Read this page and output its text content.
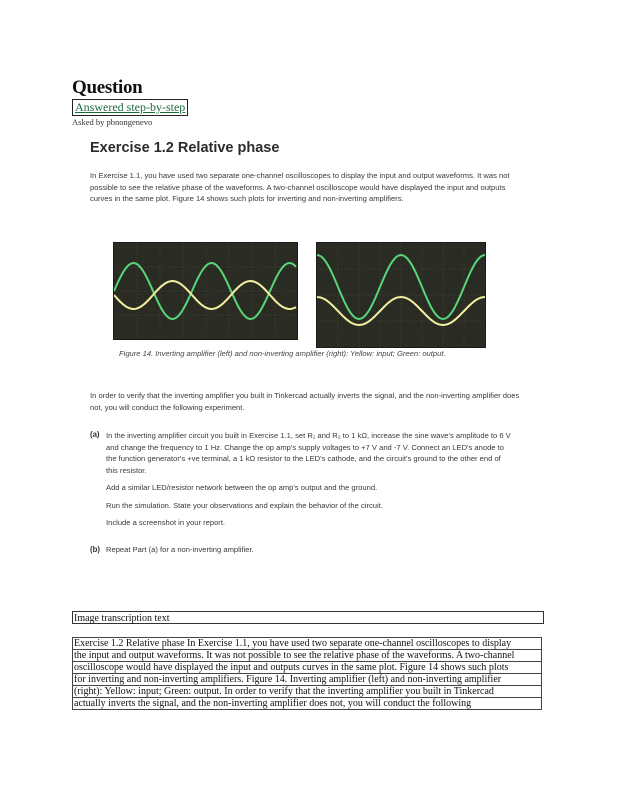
Question
Answered step-by-step
Asked by pbnongenevo
Exercise 1.2 Relative phase
In Exercise 1.1, you have used two separate one-channel oscilloscopes to display the input and output waveforms. It was not possible to see the relative phase of the waveforms. A two-channel oscilloscope would have displayed the input and outputs curves in the same plot. Figure 14 shows such plots for inverting and non-inverting amplifiers.
Figure 14. Inverting amplifier (left) and non-inverting amplifier (right): Yellow: input; Green: output.
In order to verify that the inverting amplifier you built in Tinkercad actually inverts the signal, and the non-inverting amplifier does not, you will conduct the following experiment.
(a) In the inverting amplifier circuit you built in Exercise 1.1, set R₁ and R₂ to 1 kΩ, increase the sine wave's amplitude to 6 V and change the frequency to 1 Hz. Change the op amp's supply voltages to +7 V and -7 V. Connect an LED's anode to the function generator's +ve terminal, a 1 kΩ resistor to the LED's cathode, and the circuit's ground to the other end of this resistor.
Add a similar LED/resistor network between the op amp's output and the ground.
Run the simulation. State your observations and explain the behavior of the circuit.
Include a screenshot in your report.
(b) Repeat Part (a) for a non-inverting amplifier.
Image transcription text
Exercise 1.2 Relative phase In Exercise 1.1, you have used two separate one-channel oscilloscopes to display
the input and output waveforms. It was not possible to see the relative phase of the waveforms. A two-channel
oscilloscope would have displayed the input and outputs curves in the same plot. Figure 14 shows such plots
for inverting and non-inverting amplifiers. Figure 14. Inverting amplifier (left) and non-inverting amplifier
(right): Yellow: input; Green: output. In order to verify that the inverting amplifier you built in Tinkercad
actually inverts the signal, and the non-inverting amplifier does not, you will conduct the following
